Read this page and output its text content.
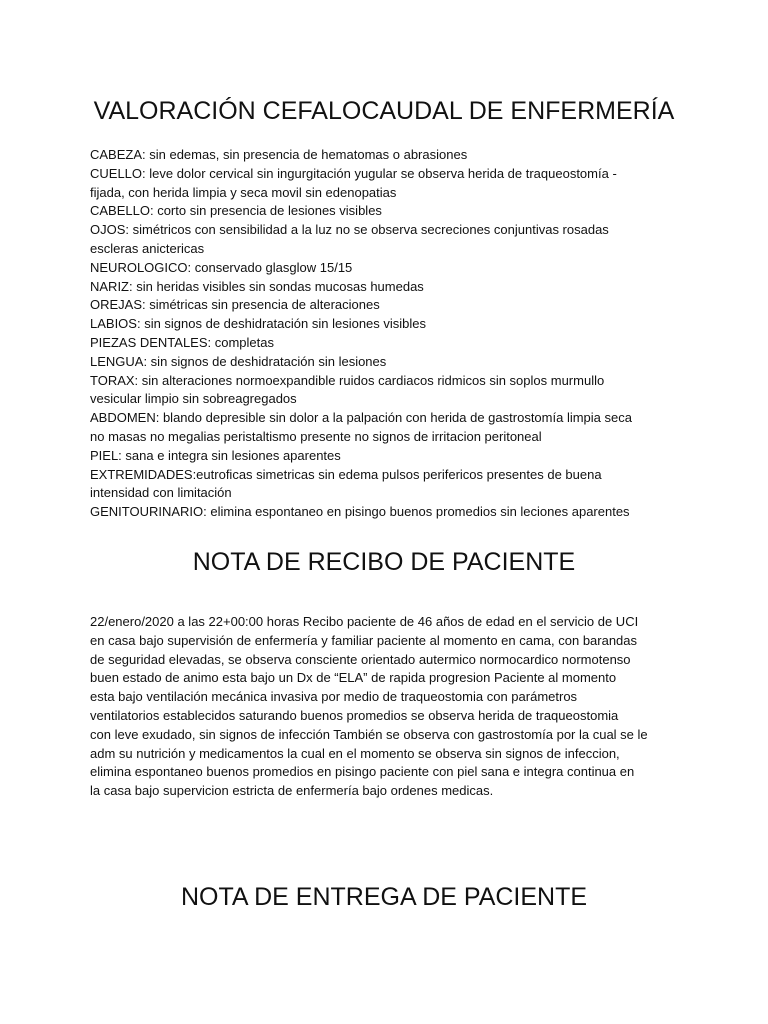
VALORACIÓN CEFALOCAUDAL DE ENFERMERÍA

CABEZA: sin edemas, sin presencia de hematomas o abrasiones

CUELLO: leve dolor cervical sin ingurgitación yugular se observa herida de traqueostomía -

fijada, con herida limpia y seca movil sin edenopatias

CABELLO: corto sin presencia de lesiones visibles

OJOS: simétricos con sensibilidad a la luz no se observa secreciones conjuntivas rosadas

escleras anictericas

NEUROLOGICO: conservado glasglow 15/15

NARIZ: sin heridas visibles sin sondas mucosas humedas

OREJAS: simétricas sin presencia de alteraciones

LABIOS: sin signos de deshidratación sin lesiones visibles

PIEZAS DENTALES: completas

LENGUA: sin signos de deshidratación sin lesiones

TORAX: sin alteraciones normoexpandible ruidos cardiacos ridmicos sin soplos murmullo

vesicular limpio sin sobreagregados

ABDOMEN: blando depresible sin dolor a la palpación con herida de gastrostomía limpia seca

no masas no megalias peristaltismo presente no signos de irritacion peritoneal

PIEL: sana e integra sin lesiones aparentes

EXTREMIDADES:eutroficas simetricas sin edema pulsos perifericos presentes de buena

intensidad con limitación

GENITOURINARIO: elimina espontaneo en pisingo buenos promedios sin leciones aparentes

NOTA DE RECIBO DE PACIENTE

22/enero/2020 a las 22+00:00 horas Recibo paciente de 46 años de edad en el servicio de UCI

en casa bajo supervisión de enfermería y familiar paciente al momento en cama, con barandas

de seguridad elevadas, se observa consciente orientado autermico normocardico normotenso

buen estado de animo esta bajo un Dx de “ELA” de rapida progresion Paciente al momento

esta bajo ventilación mecánica invasiva por medio de traqueostomia con parámetros

ventilatorios establecidos saturando buenos promedios se observa herida de traqueostomia

con leve exudado, sin signos de infección También se observa con gastrostomía por la cual se le

adm su nutrición y medicamentos la cual en el momento se observa sin signos de infeccion,

elimina espontaneo buenos promedios en pisingo paciente con piel sana e integra continua en

la casa bajo supervicion estricta de enfermería bajo ordenes medicas.

NOTA DE ENTREGA DE PACIENTE
